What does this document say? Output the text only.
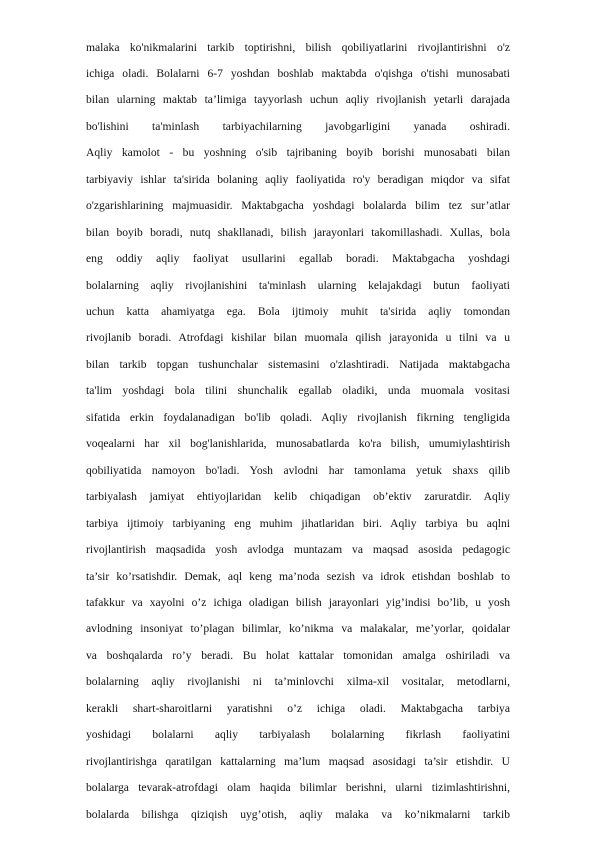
malaka ko'nikmalarini tarkib toptirishni, bilish qobiliyatlarini rivojlantirishni o'z
ichiga oladi. Bolalarni 6-7 yoshdan boshlab maktabda o'qishga o'tishi munosabati
bilan ularning maktab ta’limiga tayyorlash uchun aqliy rivojlanish yetarli darajada
bo'lishini ta'minlash tarbiyachilarning javobgarligini yanada oshiradi.
Aqliy kamolot - bu yoshning o'sib tajribaning boyib borishi munosabati bilan
tarbiyaviy ishlar ta'sirida bolaning aqliy faoliyatida ro'y beradigan miqdor va sifat
o'zgarishlarining majmuasidir. Maktabgacha yoshdagi bolalarda bilim tez sur’atlar
bilan boyib boradi, nutq shakllanadi, bilish jarayonlari takomillashadi. Xullas, bola
eng oddiy aqliy faoliyat usullarini egallab boradi. Maktabgacha yoshdagi
bolalarning aqliy rivojlanishini ta'minlash ularning kelajakdagi butun faoliyati
uchun katta ahamiyatga ega. Bola ijtimoiy muhit ta'sirida aqliy tomondan
rivojlanib boradi. Atrofdagi kishilar bilan muomala qilish jarayonida u tilni va u
bilan tarkib topgan tushunchalar sistemasini o'zlashtiradi. Natijada maktabgacha
ta'lim yoshdagi bola tilini shunchalik egallab oladiki, unda muomala vositasi
sifatida erkin foydalanadigan bo'lib qoladi. Aqliy rivojlanish fikrning tengligida
voqealarni har xil bog'lanishlarida, munosabatlarda ko'ra bilish, umumiylashtirish
qobiliyatida namoyon bo'ladi. Yosh avlodni har tamonlama yetuk shaxs qilib
tarbiyalash jamiyat ehtiyojlaridan kelib chiqadigan ob’ektiv zaruratdir. Aqliy
tarbiya ijtimoiy tarbiyaning eng muhim jihatlaridan biri. Aqliy tarbiya bu aqlni
rivojlantirish maqsadida yosh avlodga muntazam va maqsad asosida pedagogic
ta’sir ko’rsatishdir. Demak, aql keng ma’noda sezish va idrok etishdan boshlab to
tafakkur va xayolni o’z ichiga oladigan bilish jarayonlari yig’indisi bo’lib, u yosh
avlodning insoniyat to’plagan bilimlar, ko’nikma va malakalar, me’yorlar, qoidalar
va boshqalarda ro’y beradi. Bu holat kattalar tomonidan amalga oshiriladi va
bolalarning aqliy rivojlanishi ni ta’minlovchi xilma-xil vositalar, metodlarni,
kerakli shart-sharoitlarni yaratishni o’z ichiga oladi. Maktabgacha tarbiya
yoshidagi bolalarni aqliy tarbiyalash bolalarning fikrlash faoliyatini
rivojlantirishga qaratilgan kattalarning ma’lum maqsad asosidagi ta’sir etishdir. U
bolalarga tevarak-atrofdagi olam haqida bilimlar berishni, ularni tizimlashtirishni,
bolalarda bilishga qiziqish uyg’otish, aqliy malaka va ko’nikmalarni tarkib
